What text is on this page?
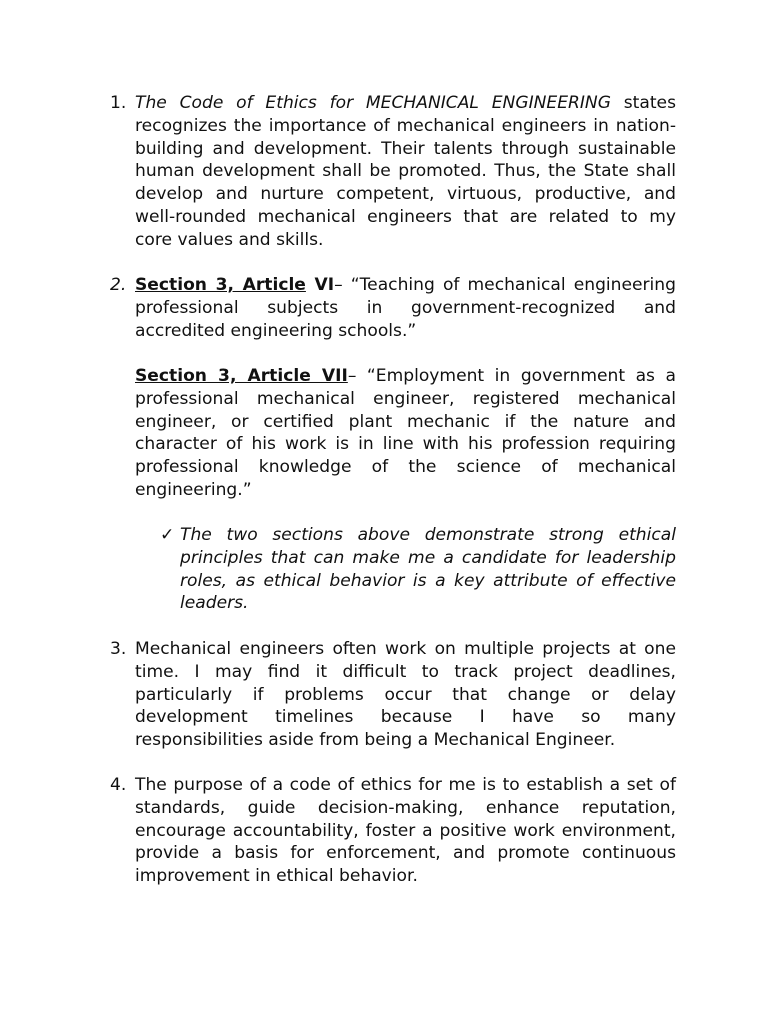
1. The Code of Ethics for MECHANICAL ENGINEERING states recognizes the importance of mechanical engineers in nation-building and development. Their talents through sustainable human development shall be promoted. Thus, the State shall develop and nurture competent, virtuous, productive, and well-rounded mechanical engineers that are related to my core values and skills.
2. Section 3, Article VI– “Teaching of mechanical engineering professional subjects in government-recognized and accredited engineering schools.”
Section 3, Article VII– “Employment in government as a professional mechanical engineer, registered mechanical engineer, or certified plant mechanic if the nature and character of his work is in line with his profession requiring professional knowledge of the science of mechanical engineering.”
✓ The two sections above demonstrate strong ethical principles that can make me a candidate for leadership roles, as ethical behavior is a key attribute of effective leaders.
3. Mechanical engineers often work on multiple projects at one time. I may find it difficult to track project deadlines, particularly if problems occur that change or delay development timelines because I have so many responsibilities aside from being a Mechanical Engineer.
4. The purpose of a code of ethics for me is to establish a set of standards, guide decision-making, enhance reputation, encourage accountability, foster a positive work environment, provide a basis for enforcement, and promote continuous improvement in ethical behavior.
